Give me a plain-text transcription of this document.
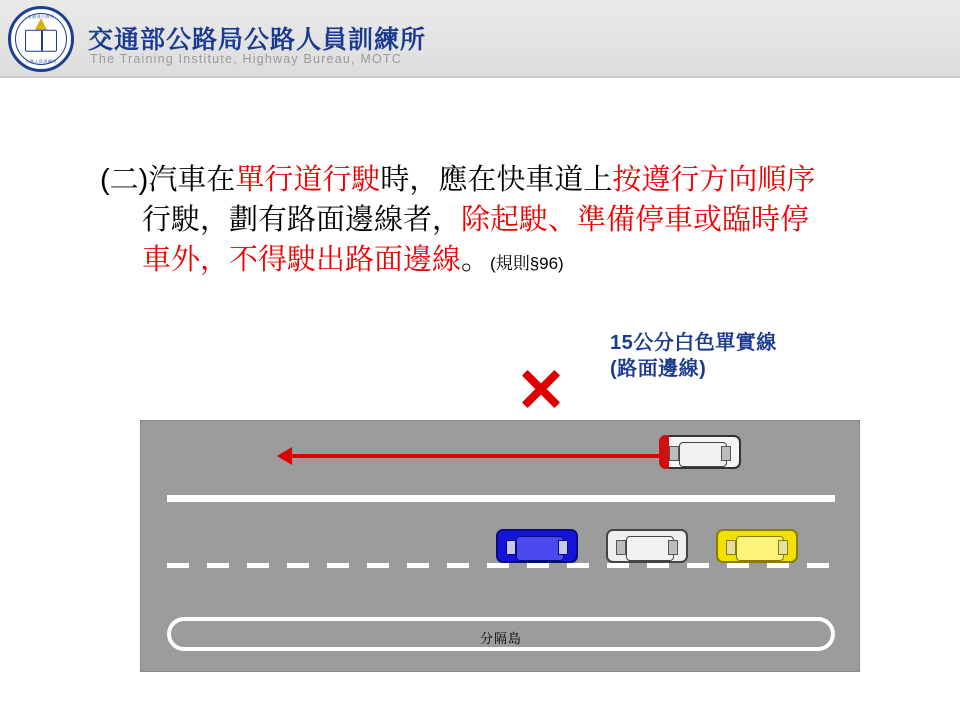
交通部公路局
公路人員訓練所
交通部公路局公路人員訓練所
The Training Institute, Highway Bureau, MOTC
(二)汽車在單行道行駛時，應在快車道上按遵行方向順序
行駛，劃有路面邊線者，除起駛、準備停車或臨時停
車外，不得駛出路面邊線。(規則§96)
15公分白色單實線
(路面邊線)
分隔島
